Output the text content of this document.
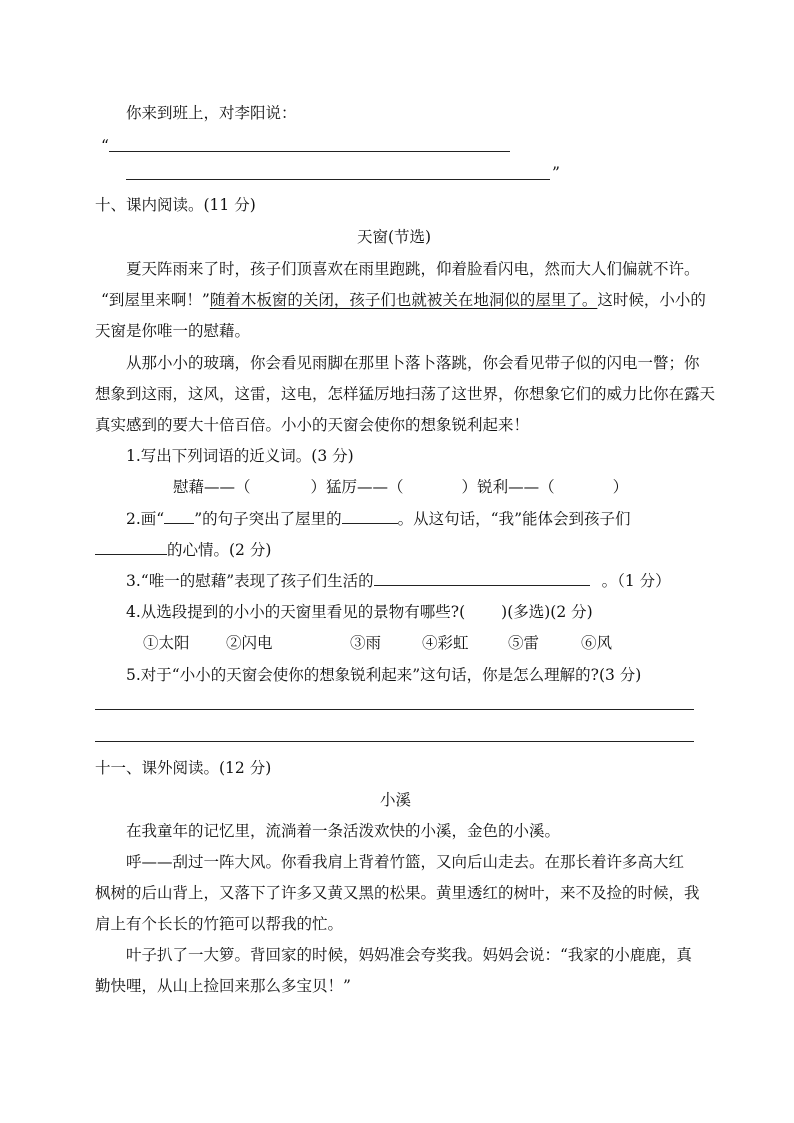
你来到班上，对李阳说：
“
”
十、课内阅读。(11 分)
天窗(节选)
夏天阵雨来了时，孩子们顶喜欢在雨里跑跳，仰着脸看闪电，然而大人们偏就不许。
“到屋里来啊！”随着木板窗的关闭，孩子们也就被关在地洞似的屋里了。这时候，小小的
天窗是你唯一的慰藉。
从那小小的玻璃，你会看见雨脚在那里卜落卜落跳，你会看见带子似的闪电一瞥；你
想象到这雨，这风，这雷，这电，怎样猛厉地扫荡了这世界，你想象它们的威力比你在露天
真实感到的要大十倍百倍。小小的天窗会使你的想象锐利起来！
1.写出下列词语的近义词。(3 分)
慰藉——（	）猛厉——（	）锐利——（	）
2.画“ ”的句子突出了屋里的	。从这句话，“我”能体会到孩子们
的心情。(2 分)
3.“唯一的慰藉”表现了孩子们生活的	。（1 分）
4.从选段提到的小小的天窗里看见的景物有哪些?( )(多选)(2 分)
①太阳 ②闪电	③雨	④彩虹	⑤雷	⑥风
5.对于“小小的天窗会使你的想象锐利起来”这句话，你是怎么理解的?(3 分)
十一、课外阅读。(12 分)
小溪
在我童年的记忆里，流淌着一条活泼欢快的小溪，金色的小溪。
呼——刮过一阵大风。你看我肩上背着竹篮，又向后山走去。在那长着许多高大红
枫树的后山背上，又落下了许多又黄又黑的松果。黄里透红的树叶，来不及捡的时候，我
肩上有个长长的竹筢可以帮我的忙。
叶子扒了一大箩。背回家的时候，妈妈准会夸奖我。妈妈会说：“我家的小鹿鹿，真
勤快哩，从山上捡回来那么多宝贝！”
